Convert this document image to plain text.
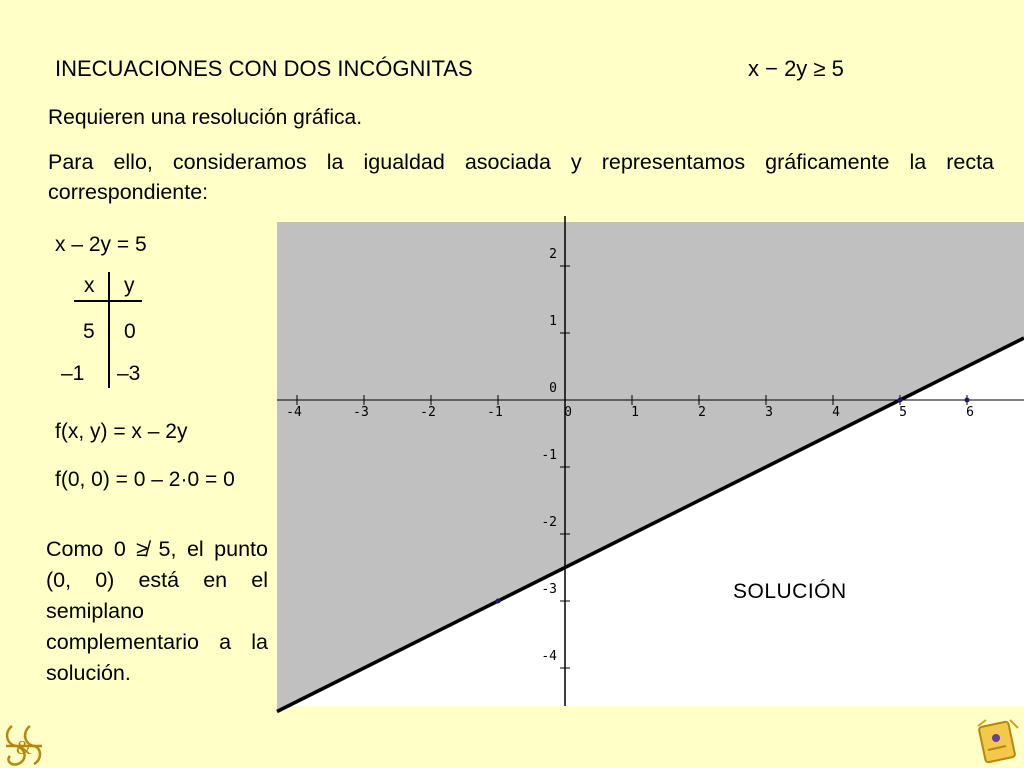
INECUACIONES CON DOS INCÓGNITAS	x − 2y ≥ 5
Requieren una resolución gráfica.
Para ello, consideramos la igualdad asociada y representamos gráficamente la recta correspondiente:
-4	-3	-2	-1	0	1	2	3	4	5	6
2
1
0
-1
-2
-3
-4
x – 2y = 5
x y
5 0
–1 –3
f(x, y) = x – 2y
f(0, 0) = 0 – 2·0 = 0
Como 0 ≱ 5, el punto (0, 0) está en el semiplano complementario a la solución.
SOLUCIÓN
&
